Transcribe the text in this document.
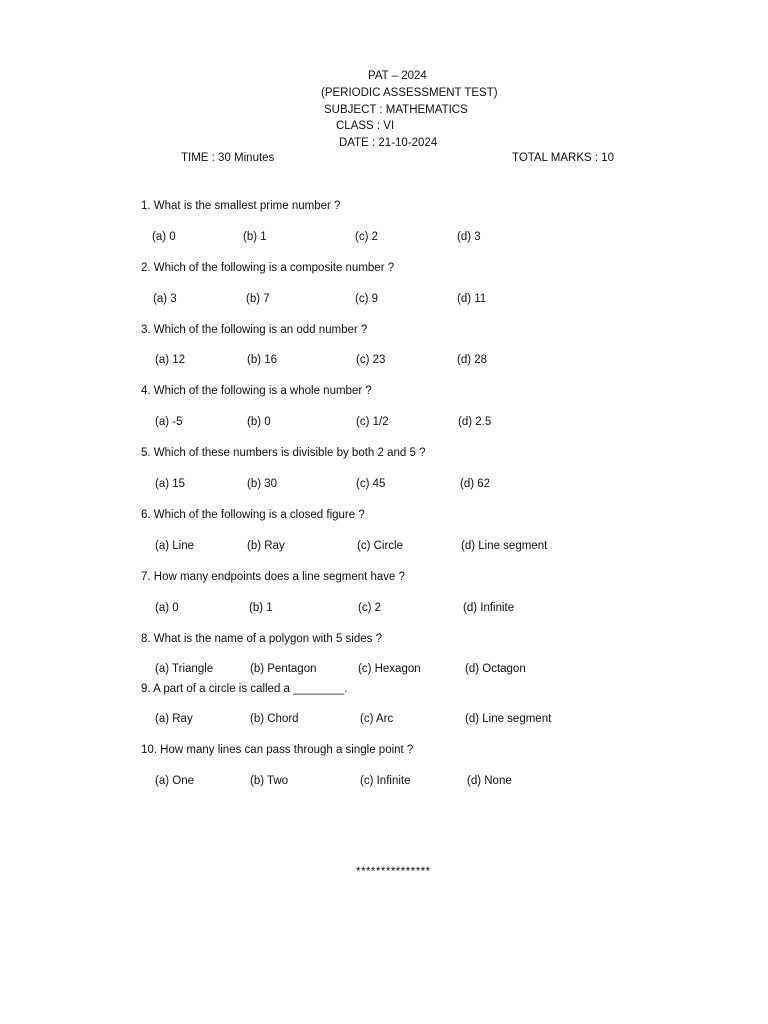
PAT – 2024
(PERIODIC ASSESSMENT TEST)
SUBJECT : MATHEMATICS
CLASS : VI
DATE : 21-10-2024
TIME : 30 Minutes	TOTAL MARKS : 10
1. What is the smallest prime number ?
(a) 0	(b) 1	(c) 2	(d) 3
2. Which of the following is a composite number ?
(a) 3	(b) 7	(c) 9	(d) 11
3. Which of the following is an odd number ?
(a) 12	(b) 16	(c) 23	(d) 28
4. Which of the following is a whole number ?
(a) -5	(b) 0	(c) 1/2	(d) 2.5
5. Which of these numbers is divisible by both 2 and 5 ?
(a) 15	(b) 30	(c) 45	(d) 62
6. Which of the following is a closed figure ?
(a) Line	(b) Ray	(c) Circle	(d) Line segment
7. How many endpoints does a line segment have ?
(a) 0	(b) 1	(c) 2	(d) Infinite
8. What is the name of a polygon with 5 sides ?
(a) Triangle	(b) Pentagon	(c) Hexagon	(d) Octagon
9. A part of a circle is called a ________.
(a) Ray	(b) Chord	(c) Arc	(d) Line segment
10. How many lines can pass through a single point ?
(a) One	(b) Two	(c) Infinite	(d) None
***************
